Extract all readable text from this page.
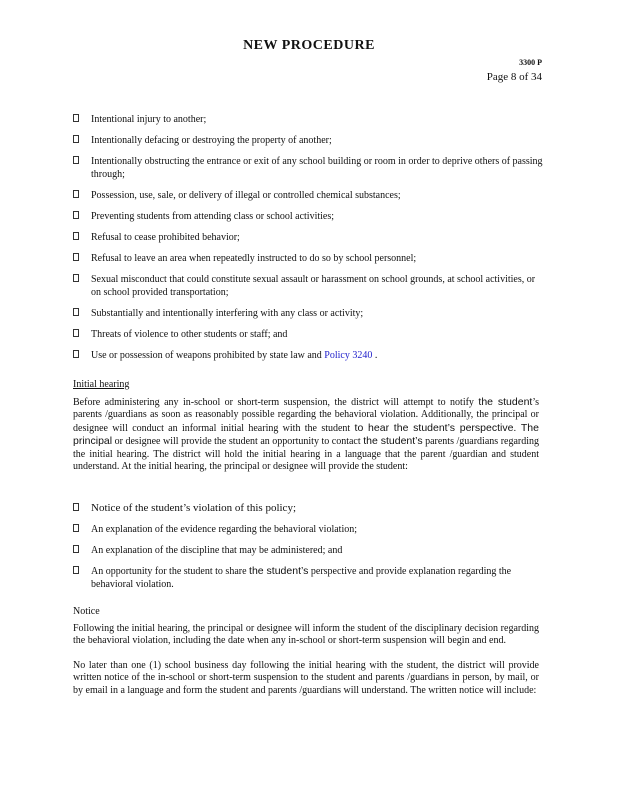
NEW PROCEDURE
3300 P
Page 8 of 34
Intentional injury to another;
Intentionally defacing or destroying the property of another;
Intentionally obstructing the entrance or exit of any school building or room in order to deprive others of passing through;
Possession, use, sale, or delivery of illegal or controlled chemical substances;
Preventing students from attending class or school activities;
Refusal to cease prohibited behavior;
Refusal to leave an area when repeatedly instructed to do so by school personnel;
Sexual misconduct that could constitute sexual assault or harassment on school grounds, at school activities, or on school provided transportation;
Substantially and intentionally interfering with any class or activity;
Threats of violence to other students or staff; and
Use or possession of weapons prohibited by state law and Policy 3240 .
Initial hearing
Before administering any in-school or short-term suspension, the district will attempt to notify the student’s parents /guardians as soon as reasonably possible regarding the behavioral violation. Additionally, the principal or designee will conduct an informal initial hearing with the student to hear the student’s perspective. The principal or designee will provide the student an opportunity to contact the student’s parents /guardians regarding the initial hearing. The district will hold the initial hearing in a language that the parent /guardian and student understand. At the initial hearing, the principal or designee will provide the student:
Notice of the student’s violation of this policy;
An explanation of the evidence regarding the behavioral violation;
An explanation of the discipline that may be administered; and
An opportunity for the student to share the student’s perspective and provide explanation regarding the behavioral violation.
Notice
Following the initial hearing, the principal or designee will inform the student of the disciplinary decision regarding the behavioral violation, including the date when any in-school or short-term suspension will begin and end.
No later than one (1) school business day following the initial hearing with the student, the district will provide written notice of the in-school or short-term suspension to the student and parents /guardians in person, by mail, or by email in a language and form the student and parents /guardians will understand. The written notice will include:
